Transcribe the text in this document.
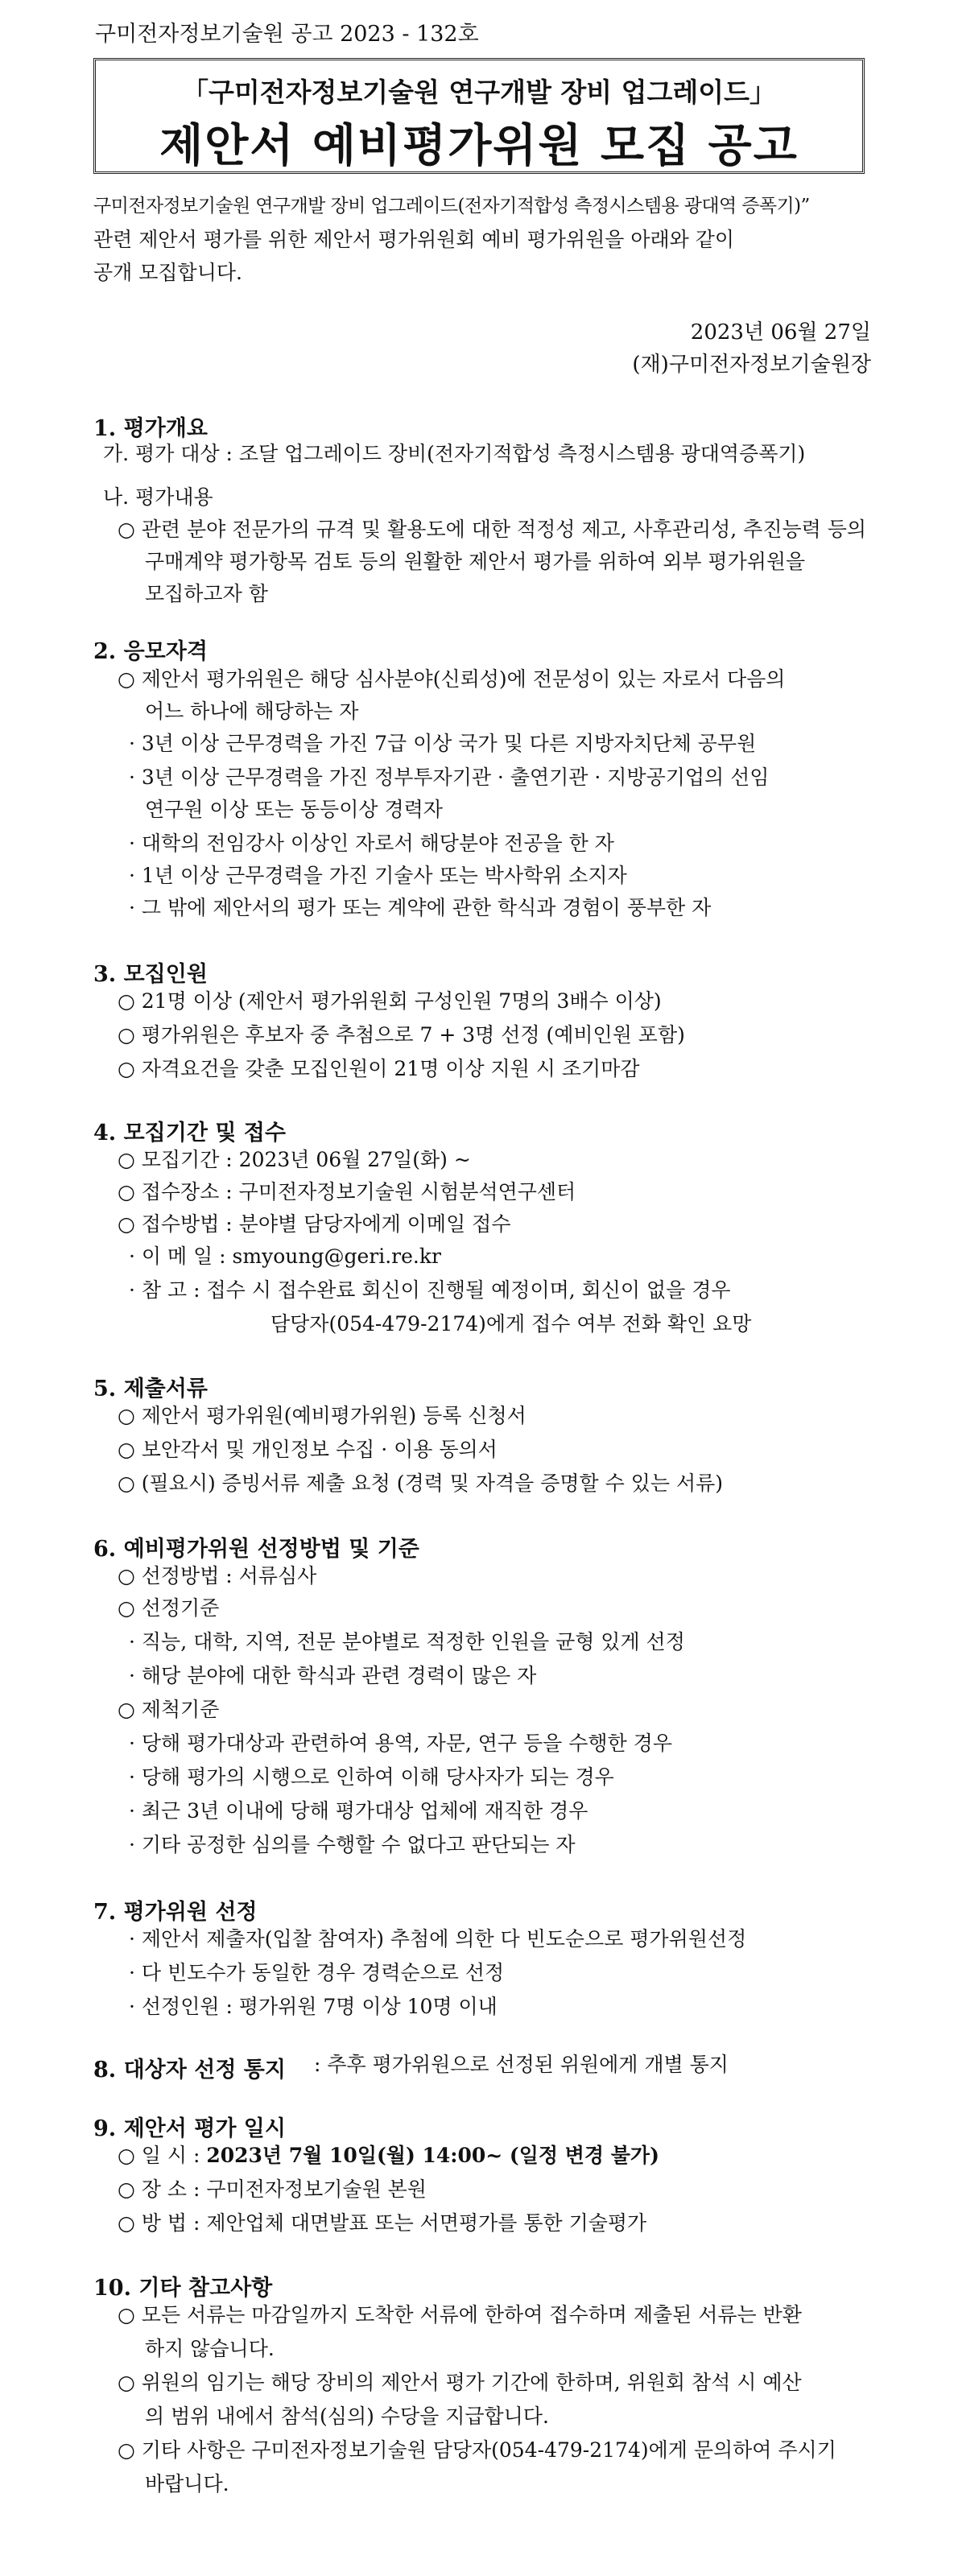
구미전자정보기술원 공고 2023 - 132호
「구미전자정보기술원 연구개발 장비 업그레이드」
제안서 예비평가위원 모집 공고
구미전자정보기술원 연구개발 장비 업그레이드(전자기적합성 측정시스템용 광대역 증폭기)”
관련 제안서 평가를 위한 제안서 평가위원회 예비 평가위원을 아래와 같이
공개 모집합니다.
2023년 06월 27일
(재)구미전자정보기술원장
1. 평가개요
가. 평가 대상 : 조달 업그레이드 장비(전자기적합성 측정시스템용 광대역증폭기)
나. 평가내용
○ 관련 분야 전문가의 규격 및 활용도에 대한 적정성 제고, 사후관리성, 추진능력 등의
구매계약 평가항목 검토 등의 원활한 제안서 평가를 위하여 외부 평가위원을
모집하고자 함
2. 응모자격
○ 제안서 평가위원은 해당 심사분야(신뢰성)에 전문성이 있는 자로서 다음의
어느 하나에 해당하는 자
· 3년 이상 근무경력을 가진 7급 이상 국가 및 다른 지방자치단체 공무원
· 3년 이상 근무경력을 가진 정부투자기관 · 출연기관 · 지방공기업의 선임
연구원 이상 또는 동등이상 경력자
· 대학의 전임강사 이상인 자로서 해당분야 전공을 한 자
· 1년 이상 근무경력을 가진 기술사 또는 박사학위 소지자
· 그 밖에 제안서의 평가 또는 계약에 관한 학식과 경험이 풍부한 자
3. 모집인원
○ 21명 이상 (제안서 평가위원회 구성인원 7명의 3배수 이상)
○ 평가위원은 후보자 중 추첨으로 7 + 3명 선정 (예비인원 포함)
○ 자격요건을 갖춘 모집인원이 21명 이상 지원 시 조기마감
4. 모집기간 및 접수
○ 모집기간 : 2023년 06월 27일(화) ~
○ 접수장소 : 구미전자정보기술원 시험분석연구센터
○ 접수방법 : 분야별 담당자에게 이메일 접수
· 이 메 일 : smyoung@geri.re.kr
· 참 고 : 접수 시 접수완료 회신이 진행될 예정이며, 회신이 없을 경우
담당자(054-479-2174)에게 접수 여부 전화 확인 요망
5. 제출서류
○ 제안서 평가위원(예비평가위원) 등록 신청서
○ 보안각서 및 개인정보 수집 · 이용 동의서
○ (필요시) 증빙서류 제출 요청 (경력 및 자격을 증명할 수 있는 서류)
6. 예비평가위원 선정방법 및 기준
○ 선정방법 : 서류심사
○ 선정기준
· 직능, 대학, 지역, 전문 분야별로 적정한 인원을 균형 있게 선정
· 해당 분야에 대한 학식과 관련 경력이 많은 자
○ 제척기준
· 당해 평가대상과 관련하여 용역, 자문, 연구 등을 수행한 경우
· 당해 평가의 시행으로 인하여 이해 당사자가 되는 경우
· 최근 3년 이내에 당해 평가대상 업체에 재직한 경우
· 기타 공정한 심의를 수행할 수 없다고 판단되는 자
7. 평가위원 선정
· 제안서 제출자(입찰 참여자) 추첨에 의한 다 빈도순으로 평가위원선정
· 다 빈도수가 동일한 경우 경력순으로 선정
· 선정인원 : 평가위원 7명 이상 10명 이내
8. 대상자 선정 통지 : 추후 평가위원으로 선정된 위원에게 개별 통지
9. 제안서 평가 일시
○ 일 시 : 2023년 7월 10일(월) 14:00~ (일정 변경 불가)
○ 장 소 : 구미전자정보기술원 본원
○ 방 법 : 제안업체 대면발표 또는 서면평가를 통한 기술평가
10. 기타 참고사항
○ 모든 서류는 마감일까지 도착한 서류에 한하여 접수하며 제출된 서류는 반환
하지 않습니다.
○ 위원의 임기는 해당 장비의 제안서 평가 기간에 한하며, 위원회 참석 시 예산
의 범위 내에서 참석(심의) 수당을 지급합니다.
○ 기타 사항은 구미전자정보기술원 담당자(054-479-2174)에게 문의하여 주시기
바랍니다.
